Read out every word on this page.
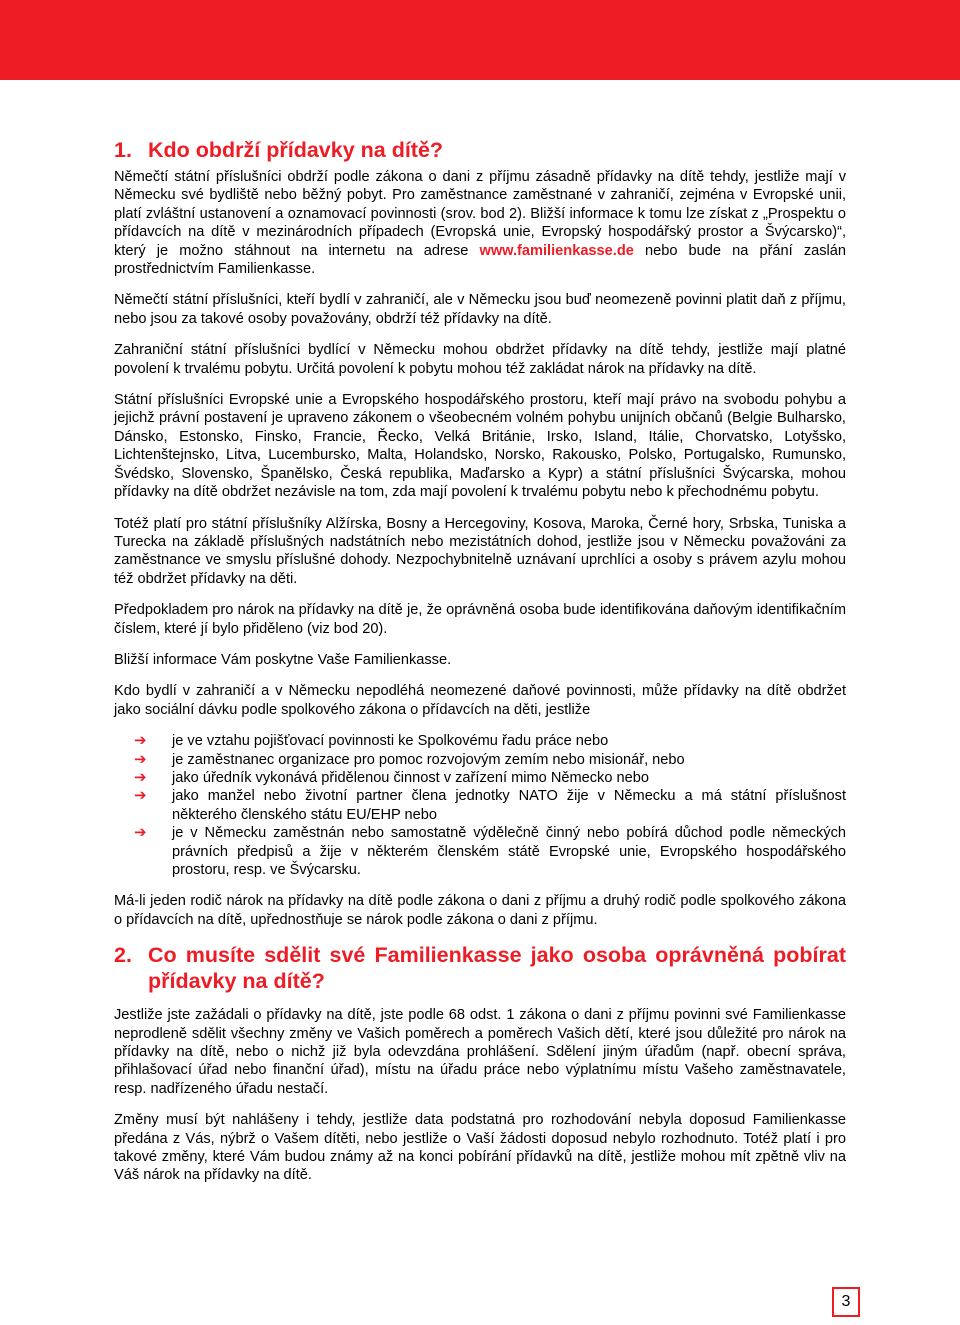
1. Kdo obdrží přídavky na dítě?

Němečtí státní příslušníci obdrží podle zákona o dani z příjmu zásadně přídavky na dítě tehdy, jestliže mají v Německu své bydliště nebo běžný pobyt. Pro zaměstnance zaměstnané v zahraničí, zejména v Evropské unii, platí zvláštní ustanovení a oznamovací povinnosti (srov. bod 2). Bližší informace k tomu lze získat z „Prospektu o přídavcích na dítě v mezinárodních případech (Evropská unie, Evropský hospodářský prostor a Švýcarsko)“, který je možno stáhnout na internetu na adrese www.familienkasse.de nebo bude na přání zaslán prostřednictvím Familienkasse.

Němečtí státní příslušníci, kteří bydlí v zahraničí, ale v Německu jsou buď neomezeně povinni platit daň z příjmu, nebo jsou za takové osoby považovány, obdrží též přídavky na dítě.

Zahraniční státní příslušníci bydlící v Německu mohou obdržet přídavky na dítě tehdy, jestliže mají platné povolení k trvalému pobytu. Určitá povolení k pobytu mohou též zakládat nárok na přídavky na dítě.

Státní příslušníci Evropské unie a Evropského hospodářského prostoru, kteří mají právo na svobodu pohybu a jejichž právní postavení je upraveno zákonem o všeobecném volném pohybu unijních občanů (Belgie Bulharsko, Dánsko, Estonsko, Finsko, Francie, Řecko, Velká Británie, Irsko, Island, Itálie, Chorvatsko, Lotyšsko, Lichtenštejnsko, Litva, Lucembursko, Malta, Holandsko, Norsko, Rakousko, Polsko, Portugalsko, Rumunsko, Švédsko, Slovensko, Španělsko, Česká republika, Maďarsko a Kypr) a státní příslušníci Švýcarska, mohou přídavky na dítě obdržet nezávisle na tom, zda mají povolení k trvalému pobytu nebo k přechodnému pobytu.

Totéž platí pro státní příslušníky Alžírska, Bosny a Hercegoviny, Kosova, Maroka, Černé hory, Srbska, Tuniska a Turecka na základě příslušných nadstátních nebo mezistátních dohod, jestliže jsou v Německu považováni za zaměstnance ve smyslu příslušné dohody. Nezpochybnitelně uznávaní uprchlíci a osoby s právem azylu mohou též obdržet přídavky na děti.

Předpokladem pro nárok na přídavky na dítě je, že oprávněná osoba bude identifikována daňovým identifikačním číslem, které jí bylo přiděleno (viz bod 20).

Bližší informace Vám poskytne Vaše Familienkasse.

Kdo bydlí v zahraničí a v Německu nepodléhá neomezené daňové povinnosti, může přídavky na dítě obdržet jako sociální dávku podle spolkového zákona o přídavcích na děti, jestliže

➔	je ve vztahu pojišťovací povinnosti ke Spolkovému řadu práce nebo
➔	je zaměstnanec organizace pro pomoc rozvojovým zemím nebo misionář, nebo
➔	jako úředník vykonává přidělenou činnost v zařízení mimo Německo nebo
➔	jako manžel nebo životní partner člena jednotky NATO žije v Německu a má státní příslušnost některého členského státu EU/EHP nebo
➔	je v Německu zaměstnán nebo samostatně výdělečně činný nebo pobírá důchod podle německých právních předpisů a žije v některém členském státě Evropské unie, Evropského hospodářského prostoru, resp. ve Švýcarsku.

Má-li jeden rodič nárok na přídavky na dítě podle zákona o dani z příjmu a druhý rodič podle spolkového zákona o přídavcích na dítě, upřednostňuje se nárok podle zákona o dani z příjmu.

2. Co musíte sdělit své Familienkasse jako osoba oprávněná pobírat přídavky na dítě?

Jestliže jste zažádali o přídavky na dítě, jste podle 68 odst. 1 zákona o dani z příjmu povinni své Familienkasse neprodleně sdělit všechny změny ve Vašich poměrech a poměrech Vašich dětí, které jsou důležité pro nárok na přídavky na dítě, nebo o nichž již byla odevzdána prohlášení. Sdělení jiným úřadům (např. obecní správa, přihlašovací úřad nebo finanční úřad), místu na úřadu práce nebo výplatnímu místu Vašeho zaměstnavatele, resp. nadřízeného úřadu nestačí.

Změny musí být nahlášeny i tehdy, jestliže data podstatná pro rozhodování nebyla doposud Familienkasse předána z Vás, nýbrž o Vašem dítěti, nebo jestliže o Vaší žádosti doposud nebylo rozhodnuto. Totéž platí i pro takové změny, které Vám budou známy až na konci pobírání přídavků na dítě, jestliže mohou mít zpětně vliv na Váš nárok na přídavky na dítě.

3
